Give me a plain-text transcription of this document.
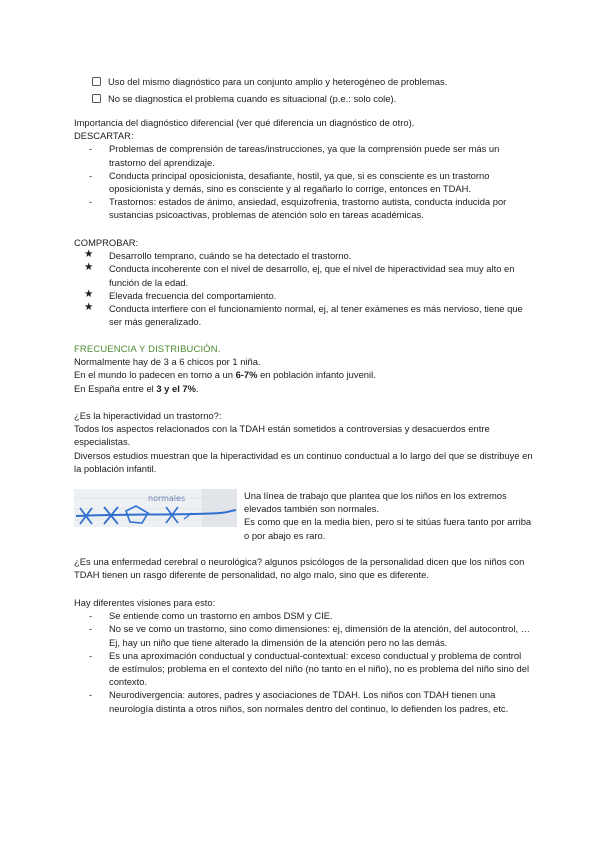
Uso del mismo diagnóstico para un conjunto amplio y heterogéneo de problemas.
No se diagnostica el problema cuando es situacional (p.e.: solo cole).

Importancia del diagnóstico diferencial (ver qué diferencia un diagnóstico de otro).

DESCARTAR:

- Problemas de comprensión de tareas/instrucciones, ya que la comprensión puede ser más un trastorno del aprendizaje.
- Conducta principal oposicionista, desafiante, hostil, ya que, si es consciente es un trastorno oposicionista y demás, sino es consciente y al regañarlo lo corrige, entonces en TDAH.
- Trastornos: estados de ánimo, ansiedad, esquizofrenia, trastorno autista, conducta inducida por sustancias psicoactivas, problemas de atención solo en tareas académicas.

COMPROBAR:

★ Desarrollo temprano, cuándo se ha detectado el trastorno.
★ Conducta incoherente con el nivel de desarrollo, ej, que el nivel de hiperactividad sea muy alto en función de la edad.
★ Elevada frecuencia del comportamiento.
★ Conducta interfiere con el funcionamiento normal, ej, al tener exámenes es más nervioso, tiene que ser más generalizado.

FRECUENCIA Y DISTRIBUCIÓN.

Normalmente hay de 3 a 6 chicos por 1 niña.

En el mundo lo padecen en torno a un 6-7% en población infanto juvenil.

En España entre el 3 y el 7%.

¿Es la hiperactividad un trastorno?:

Todos los aspectos relacionados con la TDAH están sometidos a controversias y desacuerdos entre especialistas.

Diversos estudios muestran que la hiperactividad es un continuo conductual a lo largo del que se distribuye en la población infantil.

normales	Una línea de trabajo que plantea que los niños en los extremos elevados también son normales.

Es como que en la media bien, pero si te sitúas fuera tanto por arriba o por abajo es raro.

¿Es una enfermedad cerebral o neurológica? algunos psicólogos de la personalidad dicen que los niños con TDAH tienen un rasgo diferente de personalidad, no algo malo, sino que es diferente.

Hay diferentes visiones para esto:

- Se entiende como un trastorno en ambos DSM y CIE.
- No se ve como un trastorno, sino como dimensiones: ej, dimensión de la atención, del autocontrol, … Ej, hay un niño que tiene alterado la dimensión de la atención pero no las demás.
- Es una aproximación conductual y conductual-contextual: exceso conductual y problema de control de estímulos; problema en el contexto del niño (no tanto en el niño), no es problema del niño sino del contexto.
- Neurodivergencia: autores, padres y asociaciones de TDAH. Los niños con TDAH tienen una neurología distinta a otros niños, son normales dentro del continuo, lo defienden los padres, etc.
